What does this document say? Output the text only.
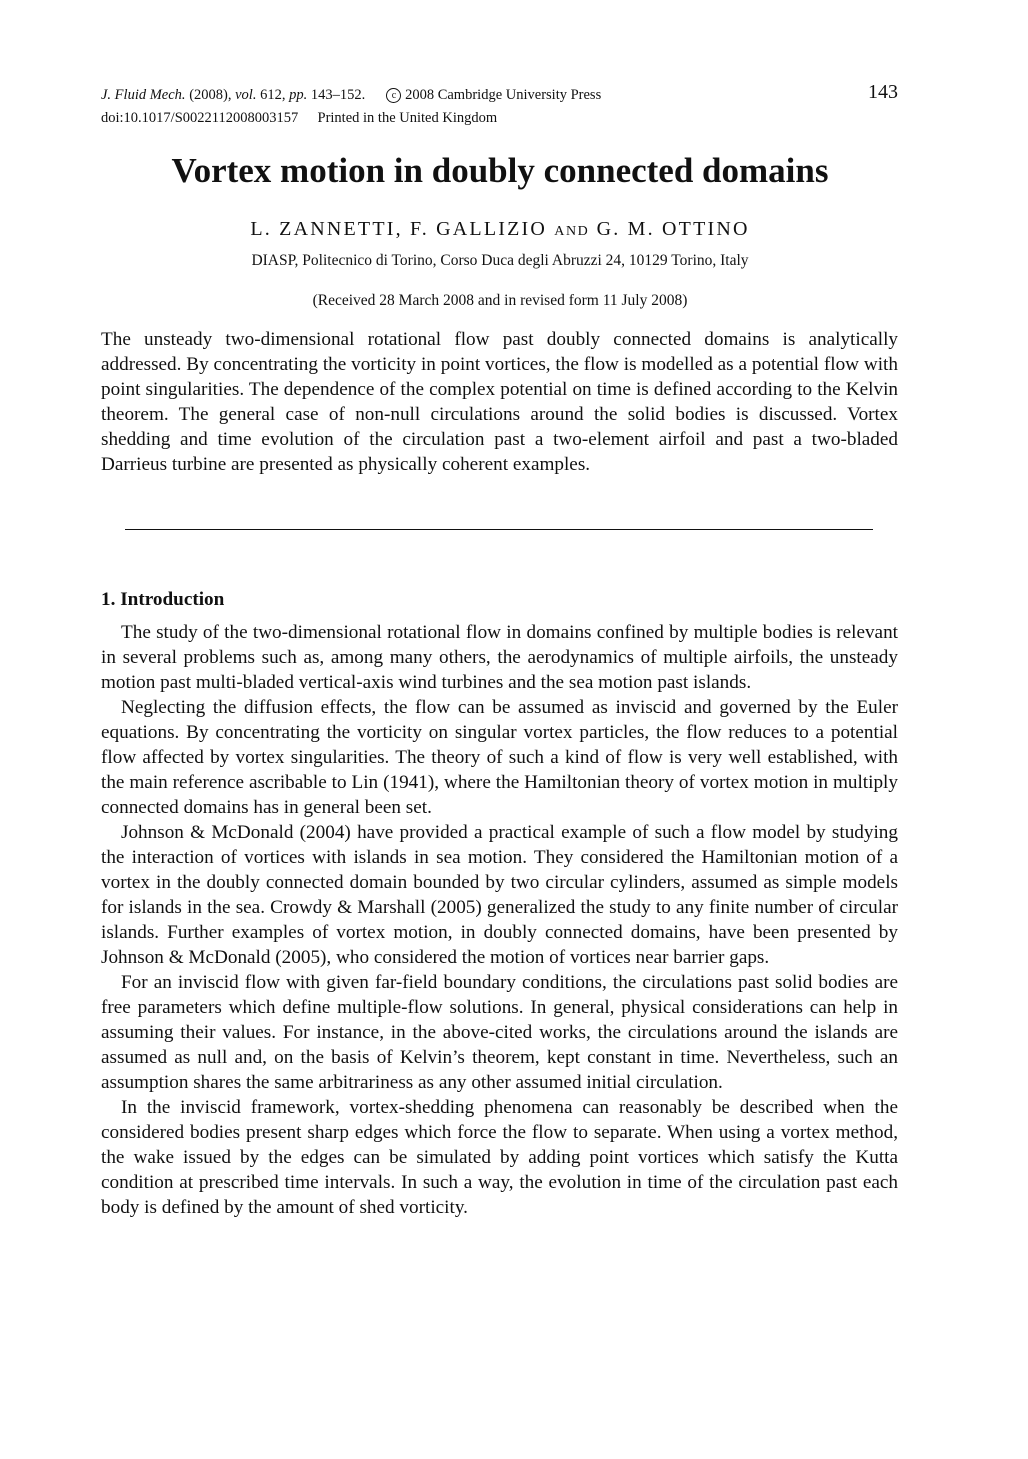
J. Fluid Mech. (2008), vol. 612, pp. 143–152.	c 2008 Cambridge University Press
doi:10.1017/S0022112008003157 Printed in the United Kingdom
143
Vortex motion in doubly connected domains
L. ZANNETTI, F. GALLIZIO AND G. M. OTTINO
DIASP, Politecnico di Torino, Corso Duca degli Abruzzi 24, 10129 Torino, Italy
(Received 28 March 2008 and in revised form 11 July 2008)

The unsteady two-dimensional rotational flow past doubly connected domains is analytically addressed. By concentrating the vorticity in point vortices, the flow is modelled as a potential flow with point singularities. The dependence of the complex potential on time is defined according to the Kelvin theorem. The general case of non-null circulations around the solid bodies is discussed. Vortex shedding and time evolution of the circulation past a two-element airfoil and past a two-bladed Darrieus turbine are presented as physically coherent examples.

1. Introduction

The study of the two-dimensional rotational flow in domains confined by multiple bodies is relevant in several problems such as, among many others, the aerodynamics of multiple airfoils, the unsteady motion past multi-bladed vertical-axis wind turbines and the sea motion past islands.

Neglecting the diffusion effects, the flow can be assumed as inviscid and governed by the Euler equations. By concentrating the vorticity on singular vortex particles, the flow reduces to a potential flow affected by vortex singularities. The theory of such a kind of flow is very well established, with the main reference ascribable to Lin (1941), where the Hamiltonian theory of vortex motion in multiply connected domains has in general been set.

Johnson & McDonald (2004) have provided a practical example of such a flow model by studying the interaction of vortices with islands in sea motion. They considered the Hamiltonian motion of a vortex in the doubly connected domain bounded by two circular cylinders, assumed as simple models for islands in the sea. Crowdy & Marshall (2005) generalized the study to any finite number of circular islands. Further examples of vortex motion, in doubly connected domains, have been presented by Johnson & McDonald (2005), who considered the motion of vortices near barrier gaps.

For an inviscid flow with given far-field boundary conditions, the circulations past solid bodies are free parameters which define multiple-flow solutions. In general, physical considerations can help in assuming their values. For instance, in the above-cited works, the circulations around the islands are assumed as null and, on the basis of Kelvin’s theorem, kept constant in time. Nevertheless, such an assumption shares the same arbitrariness as any other assumed initial circulation.

In the inviscid framework, vortex-shedding phenomena can reasonably be described when the considered bodies present sharp edges which force the flow to separate. When using a vortex method, the wake issued by the edges can be simulated by adding point vortices which satisfy the Kutta condition at prescribed time intervals. In such a way, the evolution in time of the circulation past each body is defined by the amount of shed vorticity.
